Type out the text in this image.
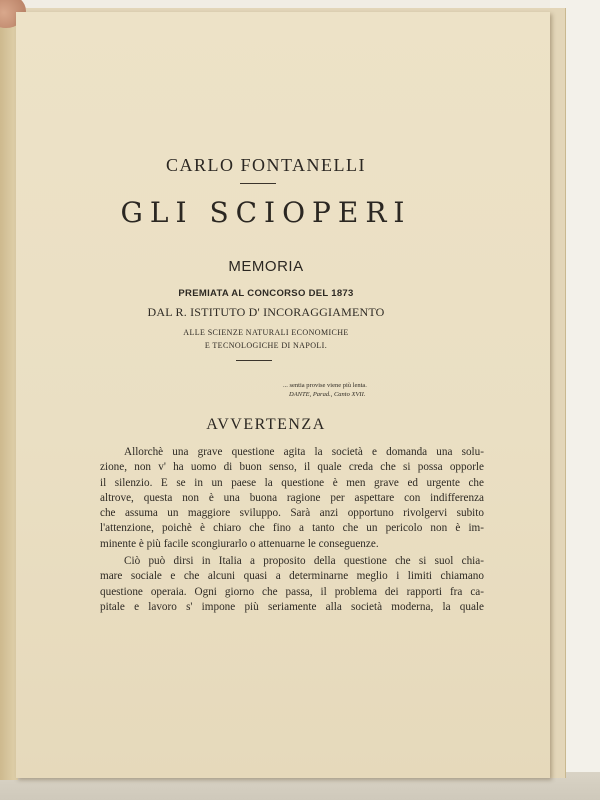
CARLO FONTANELLI
GLI SCIOPERI
MEMORIA
PREMIATA AL CONCORSO DEL 1873
DAL R. ISTITUTO D' INCORAGGIAMENTO
ALLE SCIENZE NATURALI ECONOMICHE
E TECNOLOGICHE DI NAPOLI.
... sentia provise viene più lenta.
DANTE, Parad., Canto XVII.
AVVERTENZA
Allorchè una grave questione agita la società e domanda una solu-
zione, non v' ha uomo di buon senso, il quale creda che si possa opporle
il silenzio. E se in un paese la questione è men grave ed urgente che
altrove, questa non è una buona ragione per aspettare con indifferenza
che assuma un maggiore sviluppo. Sarà anzi opportuno rivolgervi subito
l'attenzione, poichè è chiaro che fino a tanto che un pericolo non è im-
minente è più facile scongiurarlo o attenuarne le conseguenze.
Ciò può dirsi in Italia a proposito della questione che si suol chia-
mare sociale e che alcuni quasi a determinarne meglio i limiti chiamano
questione operaia. Ogni giorno che passa, il problema dei rapporti fra ca-
pitale e lavoro s' impone più seriamente alla società moderna, la quale
